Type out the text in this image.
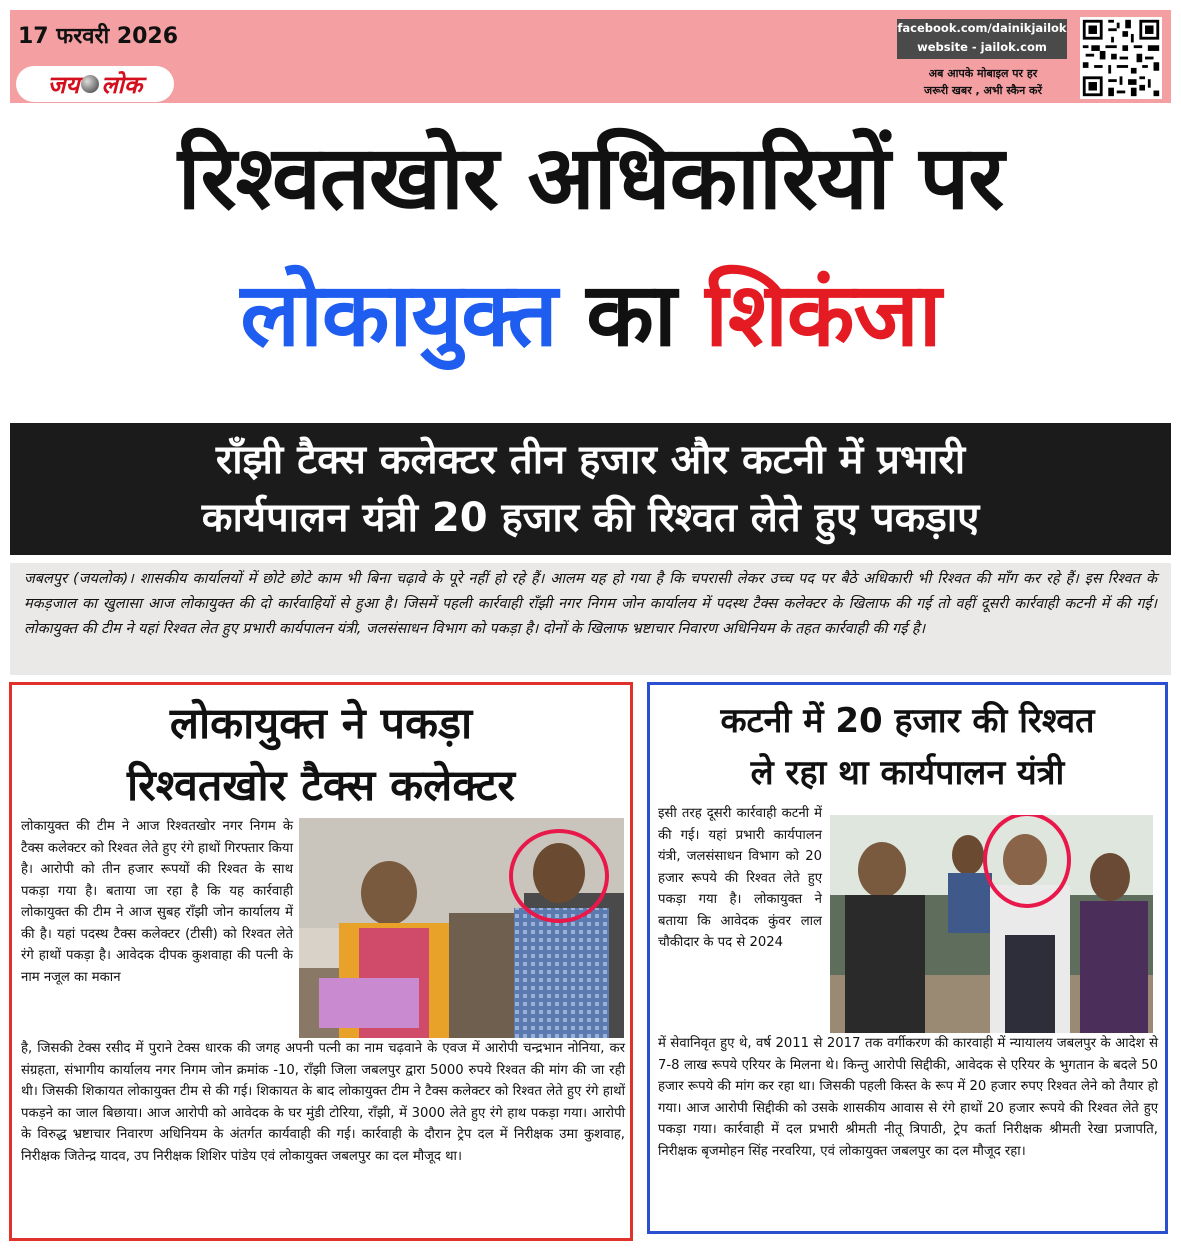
17 फरवरी 2026
जय लोक
facebook.com/dainikjailok
website - jailok.com
अब आपके मोबाइल पर हर
जरूरी खबर , अभी स्कैन करें
रिश्वतखोर अधिकारियों पर
लोकायुक्त का शिकंजा
राँझी टैक्स कलेक्टर तीन हजार और कटनी में प्रभारी
कार्यपालन यंत्री 20 हजार की रिश्वत लेते हुए पकड़ाए
जबलपुर (जयलोक)। शासकीय कार्यालयों में छोटे छोटे काम भी बिना चढ़ावे के पूरे नहीं हो रहे हैं। आलम यह हो गया है कि चपरासी लेकर उच्च पद पर बैठे अधिकारी भी रिश्वत की माँग कर रहे हैं। इस रिश्वत के मकड़जाल का खुलासा आज लोकायुक्त की दो कार्रवाहियों से हुआ है। जिसमें पहली कार्रवाही राँझी नगर निगम जोन कार्यालय में पदस्थ टैक्स कलेक्टर के खिलाफ की गई तो वहीं दूसरी कार्रवाही कटनी में की गई। लोकायुक्त की टीम ने यहां रिश्वत लेत हुए प्रभारी कार्यपालन यंत्री, जलसंसाधन विभाग को पकड़ा है। दोनों के खिलाफ भ्रष्टाचार निवारण अधिनियम के तहत कार्रवाही की गई है।
लोकायुक्त ने पकड़ा
रिश्वतखोर टैक्स कलेक्टर
लोकायुक्त की टीम ने आज रिश्वतखोर नगर निगम के टैक्स कलेक्टर को रिश्वत लेते हुए रंगे हाथों गिरफ्तार किया है। आरोपी को तीन हजार रूपयों की रिश्वत के साथ पकड़ा गया है। बताया जा रहा है कि यह कार्रवाही लोकायुक्त की टीम ने आज सुबह राँझी जोन कार्यालय में की है। यहां पदस्थ टैक्स कलेक्टर (टीसी) को रिश्वत लेते रंगे हाथों पकड़ा है। आवेदक दीपक कुशवाहा की पत्नी के नाम नजूल का मकान
है, जिसकी टेक्स रसीद में पुराने टेक्स धारक की जगह अपनी पत्नी का नाम चढ़वाने के एवज में आरोपी चन्द्रभान नोनिया, कर संग्रहता, संभागीय कार्यालय नगर निगम जोन क्रमांक -10, राँझी जिला जबलपुर द्वारा 5000 रुपये रिश्वत की मांग की जा रही थी। जिसकी शिकायत लोकायुक्त टीम से की गई। शिकायत के बाद लोकायुक्त टीम ने टैक्स कलेक्टर को रिश्वत लेते हुए रंगे हाथों पकड़ने का जाल बिछाया। आज आरोपी को आवेदक के घर मुंडी टोरिया, राँझी, में 3000 लेते हुए रंगे हाथ पकड़ा गया। आरोपी के विरुद्ध भ्रष्टाचार निवारण अधिनियम के अंतर्गत कार्यवाही की गई। कार्रवाही के दौरान ट्रेप दल में निरीक्षक उमा कुशवाह, निरीक्षक जितेन्द्र यादव, उप निरीक्षक शिशिर पांडेय एवं लोकायुक्त जबलपुर का दल मौजूद था।
कटनी में 20 हजार की रिश्वत
ले रहा था कार्यपालन यंत्री
इसी तरह दूसरी कार्रवाही कटनी में की गई। यहां प्रभारी कार्यपालन यंत्री, जलसंसाधन विभाग को 20 हजार रूपये की रिश्वत लेते हुए पकड़ा गया है। लोकायुक्त ने बताया कि आवेदक कुंवर लाल चौकीदार के पद से 2024
में सेवानिवृत हुए थे, वर्ष 2011 से 2017 तक वर्गीकरण की कारवाही में न्यायालय जबलपुर के आदेश से 7-8 लाख रूपये एरियर के मिलना थे। किन्तु आरोपी सिद्दीकी, आवेदक से एरियर के भुगतान के बदले 50 हजार रूपये की मांग कर रहा था। जिसकी पहली किस्त के रूप में 20 हजार रुपए रिश्वत लेने को तैयार हो गया। आज आरोपी सिद्दीकी को उसके शासकीय आवास से रंगे हाथों 20 हजार रूपये की रिश्वत लेते हुए पकड़ा गया। कार्रवाही में दल प्रभारी श्रीमती नीतू त्रिपाठी, ट्रेप कर्ता निरीक्षक श्रीमती रेखा प्रजापति, निरीक्षक बृजमोहन सिंह नरवरिया, एवं लोकायुक्त जबलपुर का दल मौजूद रहा।
